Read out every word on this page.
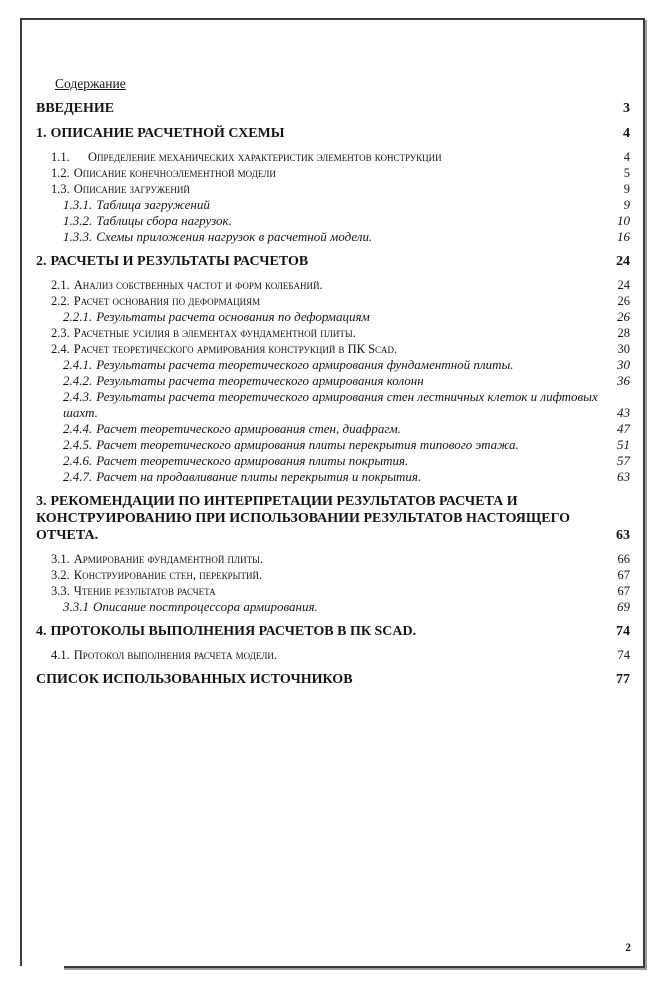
Содержание
ВВЕДЕНИЕ	3
1. ОПИСАНИЕ РАСЧЕТНОЙ СХЕМЫ	4
1.1. Определение механических характеристик элементов конструкции	4
1.2. Описание конечноэлементной модели	5
1.3. Описание загружений	9
1.3.1. Таблица загружений	9
1.3.2. Таблицы сбора нагрузок.	10
1.3.3. Схемы приложения нагрузок в расчетной модели.	16
2. РАСЧЕТЫ И РЕЗУЛЬТАТЫ РАСЧЕТОВ	24
2.1. Анализ собственных частот и форм колебаний.	24
2.2. Расчет основания по деформациям	26
2.2.1. Результаты расчета основания по деформациям	26
2.3. Расчетные усилия в элементах фундаментной плиты.	28
2.4. Расчет теоретического армирования конструкций в ПК Scad.	30
2.4.1. Результаты расчета теоретического армирования фундаментной плиты.	30
2.4.2. Результаты расчета теоретического армирования колонн	36
2.4.3. Результаты расчета теоретического армирования стен лестничных клеток и лифтовых шахт.	43
2.4.4. Расчет теоретического армирования стен, диафрагм.	47
2.4.5. Расчет теоретического армирования плиты перекрытия типового этажа.	51
2.4.6. Расчет теоретического армирования плиты покрытия.	57
2.4.7. Расчет на продавливание плиты перекрытия и покрытия.	63
3. РЕКОМЕНДАЦИИ ПО ИНТЕРПРЕТАЦИИ РЕЗУЛЬТАТОВ РАСЧЕТА И КОНСТРУИРОВАНИЮ ПРИ ИСПОЛЬЗОВАНИИ РЕЗУЛЬТАТОВ НАСТОЯЩЕГО ОТЧЕТА.	63
3.1. Армирование фундаментной плиты.	66
3.2. Конструирование стен, перекрытий.	67
3.3. Чтение результатов расчета	67
3.3.1 Описание постпроцессора армирования.	69
4. ПРОТОКОЛЫ ВЫПОЛНЕНИЯ РАСЧЕТОВ В ПК SCAD.	74
4.1. Протокол выполнения расчета модели.	74
СПИСОК ИСПОЛЬЗОВАННЫХ ИСТОЧНИКОВ	77
2
